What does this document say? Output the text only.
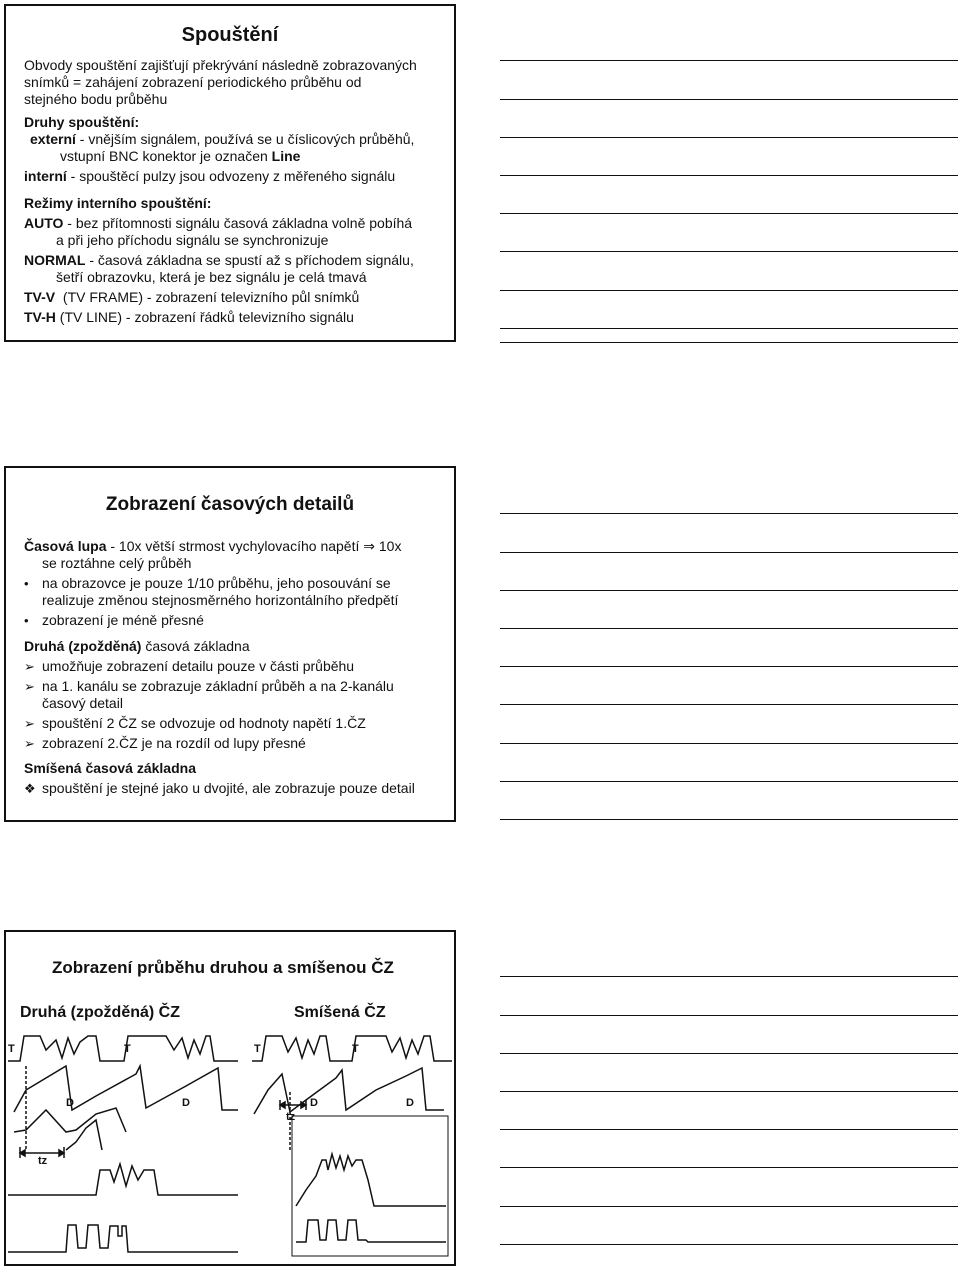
Spouštění

Obvody spouštění zajišťují překrývání následně zobrazovaných

snímků = zahájení zobrazení periodického průběhu od

stejného bodu průběhu

Druhy spouštění:

externí - vnějším signálem, používá se u číslicových průběhů,

vstupní BNC konektor je označen Line

interní - spouštěcí pulzy jsou odvozeny z měřeného signálu

Režimy interního spouštění:

AUTO - bez přítomnosti signálu časová základna volně pobíhá

a při jeho příchodu signálu se synchronizuje

NORMAL - časová základna se spustí až s příchodem signálu,

šetří obrazovku, která je bez signálu je celá tmavá

TV-V  (TV FRAME) - zobrazení televizního půl snímků

TV-H (TV LINE) - zobrazení řádků televizního signálu

Zobrazení časových detailů

Časová lupa - 10x větší strmost vychylovacího napětí ⇒ 10x

se roztáhne celý průběh

• na obrazovce je pouze 1/10 průběhu, jeho posouvání se

realizuje změnou stejnosměrného horizontálního předpětí

• zobrazení je méně přesné

Druhá (zpožděná) časová základna

➢ umožňuje zobrazení detailu pouze v části průběhu

➢ na 1. kanálu se zobrazuje základní průběh a na 2-kanálu

časový detail

➢ spouštění 2 ČZ se odvozuje od hodnoty napětí 1.ČZ

➢ zobrazení 2.ČZ je na rozdíl od lupy přesné

Smíšená časová základna

❖ spouštění je stejné jako u dvojité, ale zobrazuje pouze detail

Zobrazení průběhu druhou a smíšenou ČZ

Druhá (zpožděná) ČZ	Smíšená ČZ
T	T
D	D
tz
T	T
D	D
tz
